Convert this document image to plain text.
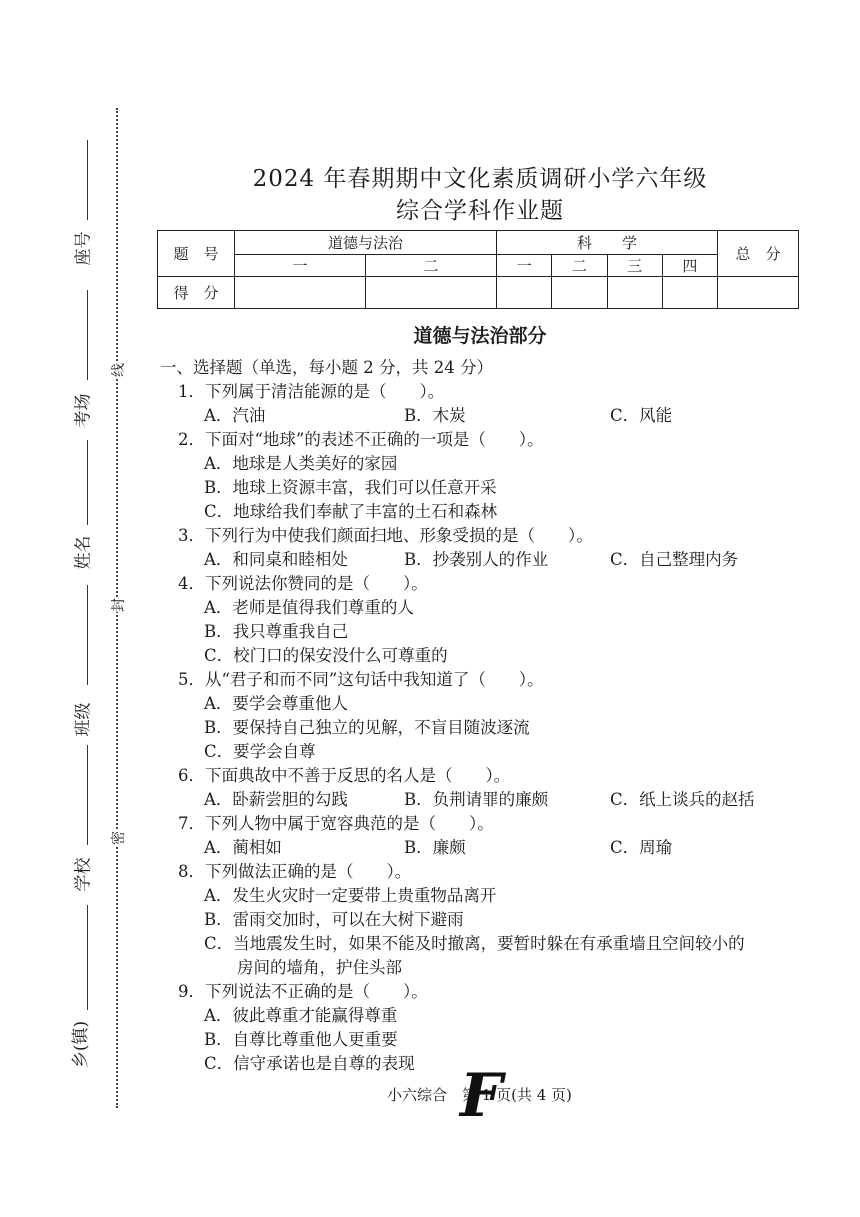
座号
考场
姓名
班级
学校
乡(镇)
线
封
密
2024 年春期期中文化素质调研小学六年级
综合学科作业题
题　号	道德与法治		科　　学				总　分
	一	二	一	二	三	四	
得　分							
道德与法治部分
一、选择题（单选，每小题 2 分，共 24 分）
1．下列属于清洁能源的是（　　）。
A．汽油	B．木炭	C．风能
2．下面对“地球”的表述不正确的一项是（　　）。
A．地球是人类美好的家园
B．地球上资源丰富，我们可以任意开采
C．地球给我们奉献了丰富的土石和森林
3．下列行为中使我们颜面扫地、形象受损的是（　　）。
A．和同桌和睦相处	B．抄袭别人的作业	C．自己整理内务
4．下列说法你赞同的是（　　）。
A．老师是值得我们尊重的人
B．我只尊重我自己
C．校门口的保安没什么可尊重的
5．从“君子和而不同”这句话中我知道了（　　）。
A．要学会尊重他人
B．要保持自己独立的见解，不盲目随波逐流
C．要学会自尊
6．下面典故中不善于反思的名人是（　　）。
A．卧薪尝胆的勾践	B．负荆请罪的廉颇	C．纸上谈兵的赵括
7．下列人物中属于宽容典范的是（　　）。
A．蔺相如	B．廉颇	C．周瑜
8．下列做法正确的是（　　）。
A．发生火灾时一定要带上贵重物品离开
B．雷雨交加时，可以在大树下避雨
C．当地震发生时，如果不能及时撤离，要暂时躲在有承重墙且空间较小的
　　房间的墙角，护住头部
9．下列说法不正确的是（　　）。
A．彼此尊重才能赢得尊重
B．自尊比尊重他人更重要
C．信守承诺也是自尊的表现
小六综合　第 1 页(共 4 页)
F
